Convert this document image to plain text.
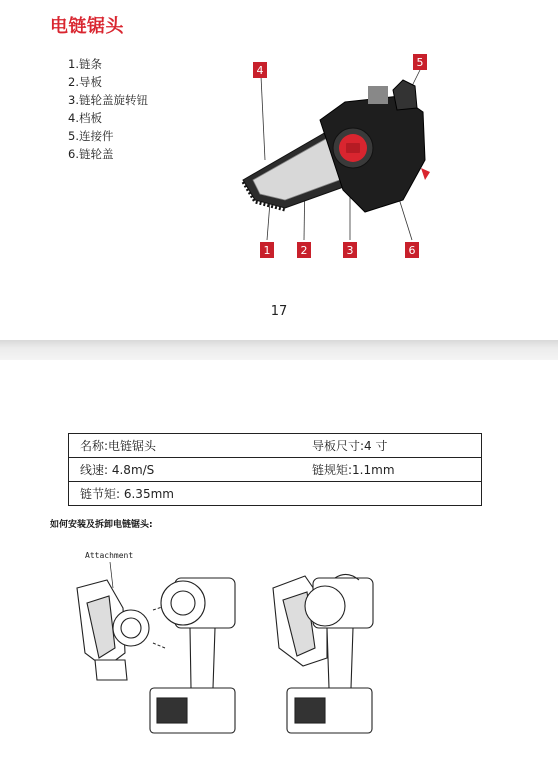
电链锯头
1.链条
2.导板
3.链轮盖旋转钮
4.档板
5.连接件
6.链轮盖
4
5
1	2	3	6
17
名称:电链锯头	导板尺寸:4 寸
线速: 4.8m/S	链规矩:1.1mm
链节矩: 6.35mm	
如何安装及拆卸电链锯头:
Attachment
